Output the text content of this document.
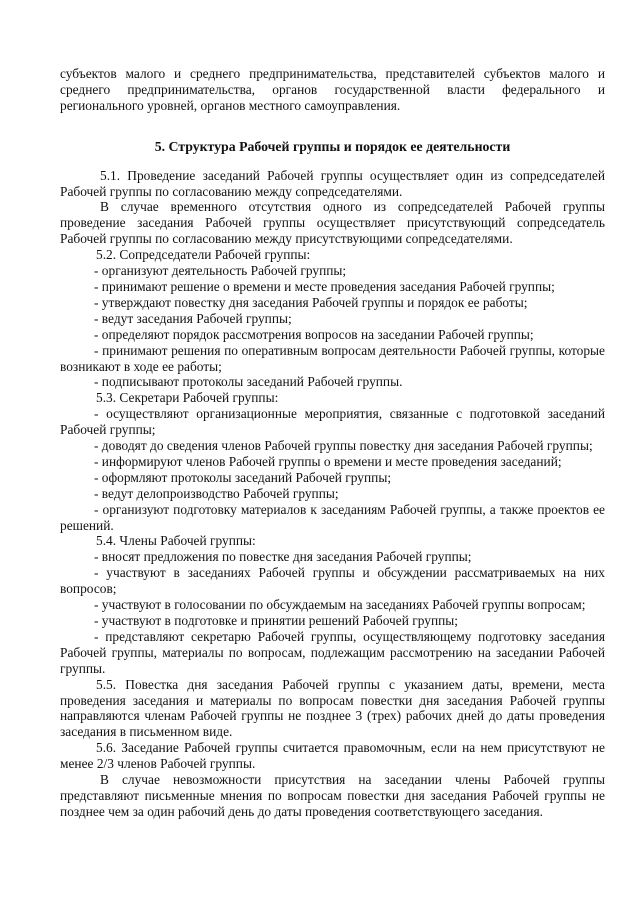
субъектов малого и среднего предпринимательства, представителей субъектов малого и среднего предпринимательства, органов государственной власти федерального и регионального уровней, органов местного самоуправления.

5. Структура Рабочей группы и порядок ее деятельности

5.1. Проведение заседаний Рабочей группы осуществляет один из сопредседателей Рабочей группы по согласованию между сопредседателями.

В случае временного отсутствия одного из сопредседателей Рабочей группы проведение заседания Рабочей группы осуществляет присутствующий сопредседатель Рабочей группы по согласованию между присутствующими сопредседателями.

5.2. Сопредседатели Рабочей группы:

- организуют деятельность Рабочей группы;

- принимают решение о времени и месте проведения заседания Рабочей группы;

- утверждают повестку дня заседания Рабочей группы и порядок ее работы;

- ведут заседания Рабочей группы;

- определяют порядок рассмотрения вопросов на заседании Рабочей группы;

- принимают решения по оперативным вопросам деятельности Рабочей группы, которые возникают в ходе ее работы;

- подписывают протоколы заседаний Рабочей группы.

5.3. Секретари Рабочей группы:

- осуществляют организационные мероприятия, связанные с подготовкой заседаний Рабочей группы;

- доводят до сведения членов Рабочей группы повестку дня заседания Рабочей группы;

- информируют членов Рабочей группы о времени и месте проведения заседаний;

- оформляют протоколы заседаний Рабочей группы;

- ведут делопроизводство Рабочей группы;

- организуют подготовку материалов к заседаниям Рабочей группы, а также проектов ее решений.

5.4. Члены Рабочей группы:

- вносят предложения по повестке дня заседания Рабочей группы;

- участвуют в заседаниях Рабочей группы и обсуждении рассматриваемых на них вопросов;

- участвуют в голосовании по обсуждаемым на заседаниях Рабочей группы вопросам;

- участвуют в подготовке и принятии решений Рабочей группы;

- представляют секретарю Рабочей группы, осуществляющему подготовку заседания Рабочей группы, материалы по вопросам, подлежащим рассмотрению на заседании Рабочей группы.

5.5. Повестка дня заседания Рабочей группы с указанием даты, времени, места проведения заседания и материалы по вопросам повестки дня заседания Рабочей группы направляются членам Рабочей группы не позднее 3 (трех) рабочих дней до даты проведения заседания в письменном виде.

5.6. Заседание Рабочей группы считается правомочным, если на нем присутствуют не менее 2/3 членов Рабочей группы.

В случае невозможности присутствия на заседании члены Рабочей группы представляют письменные мнения по вопросам повестки дня заседания Рабочей группы не позднее чем за один рабочий день до даты проведения соответствующего заседания.
